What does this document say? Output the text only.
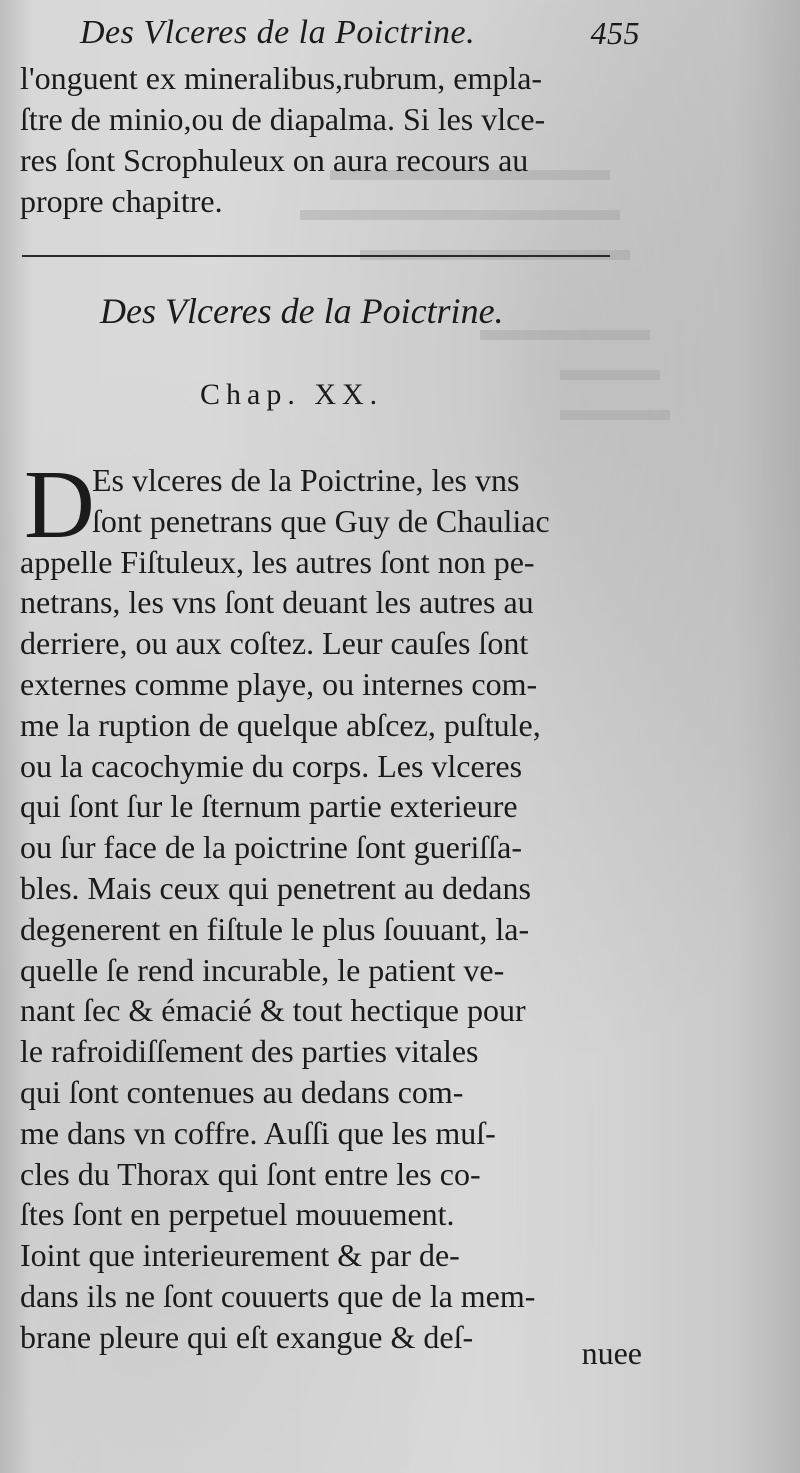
Des Vlceres de la Poictrine.	455
l'onguent ex mineralibus,rubrum, empla-
ſtre de minio,ou de diapalma. Si les vlce-
res ſont Scrophuleux on aura recours au
propre chapitre.
Des Vlceres de la Poictrine.
Chap. XX.
D
Es vlceres de la Poictrine, les vns
ſont penetrans que Guy de Chauliac
appelle Fiſtuleux, les autres ſont non pe-
netrans, les vns ſont deuant les autres au
derriere, ou aux coſtez. Leur cauſes ſont
externes comme playe, ou internes com-
me la ruption de quelque abſcez, puſtule,
ou la cacochymie du corps. Les vlceres
qui ſont ſur le ſternum partie exterieure
ou ſur face de la poictrine ſont gueriſſa-
bles. Mais ceux qui penetrent au dedans
degenerent en fiſtule le plus ſouuant, la-
quelle ſe rend incurable, le patient ve-
nant ſec & émacié & tout hectique pour
le rafroidiſſement des parties vitales
qui ſont contenues au dedans com-
me dans vn coffre. Auſſi que les muſ-
cles du Thorax qui ſont entre les co-
ſtes ſont en perpetuel mouuement.
Ioint que interieurement & par de-
dans ils ne ſont couuerts que de la mem-
brane pleure qui eſt exangue & deſ-	nuee
